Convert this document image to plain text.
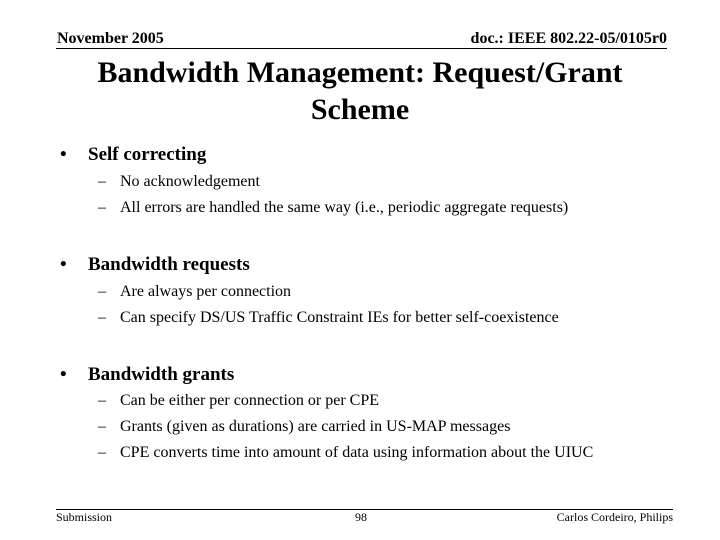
November 2005	doc.: IEEE 802.22-05/0105r0
Bandwidth Management: Request/Grant
Scheme
• Self correcting
– No acknowledgement
– All errors are handled the same way (i.e., periodic aggregate requests)
• Bandwidth requests
– Are always per connection
– Can specify DS/US Traffic Constraint IEs for better self-coexistence
• Bandwidth grants
– Can be either per connection or per CPE
– Grants (given as durations) are carried in US-MAP messages
– CPE converts time into amount of data using information about the UIUC
Submission	98	Carlos Cordeiro, Philips
